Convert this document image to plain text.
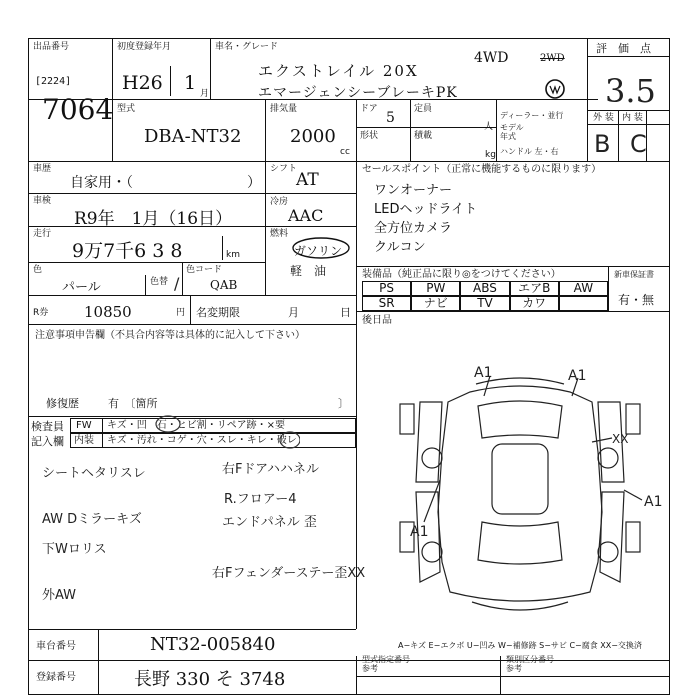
出品番号
[2224]
7064
初度登録年月
H26 1 月
車名・グレード
エクストレイル 20X
4WD	2WD
エマージェンシーブレーキPK
評　価　点
3.5
外 装 内 装
B C
型式
DBA-NT32
排気量
2000
cc
ドア
5
定員
人
形状	積載
kg
ディーラー・並行
モデル
年式
ハンドル 左・右
車歴
自家用・（	）
シフト
AT
冷房
AAC
燃料
ガソリン
軽　油
車検
R9年　1月（16日）
走行
9万7千6 3 8	km
色
パール	色替 /
色コード
QAB
セールスポイント（正常に機能するものに限ります）
ワンオーナー
LEDヘッドライト
全方位カメラ
クルコン
装備品（純正品に限り◎をつけてください）	新車保証書
有・無
PS	PW	ABS	エアB	AW
SR	ナビ	TV	カワ
R券 10850	円 名変期限	月	日
後日品
注意事項申告欄（不具合内容等は具体的に記入して下さい）
修復歴	有　〔箇所	〕
検査員
記入欄
FW キズ・凹　石・ヒビ割・リペア跡・×要
内装 キズ・汚れ・コゲ・穴・スレ・キレ・破レ
シートヘタリスレ	右Fドアハハネル
R.フロアー4
AW Dミラーキズ	エンドパネル 歪
下Wロリス
右Fフェンダーステー歪XX
外AW
A1	A1
XX
A1
A1
A−キズ E−エクボ U−凹み W−補修跡 S−サビ C−腐食 XX−交換済
車台番号	NT32-005840
登録番号	長野 330 そ 3748
型式指定番号
参考
類別区分番号
参考
